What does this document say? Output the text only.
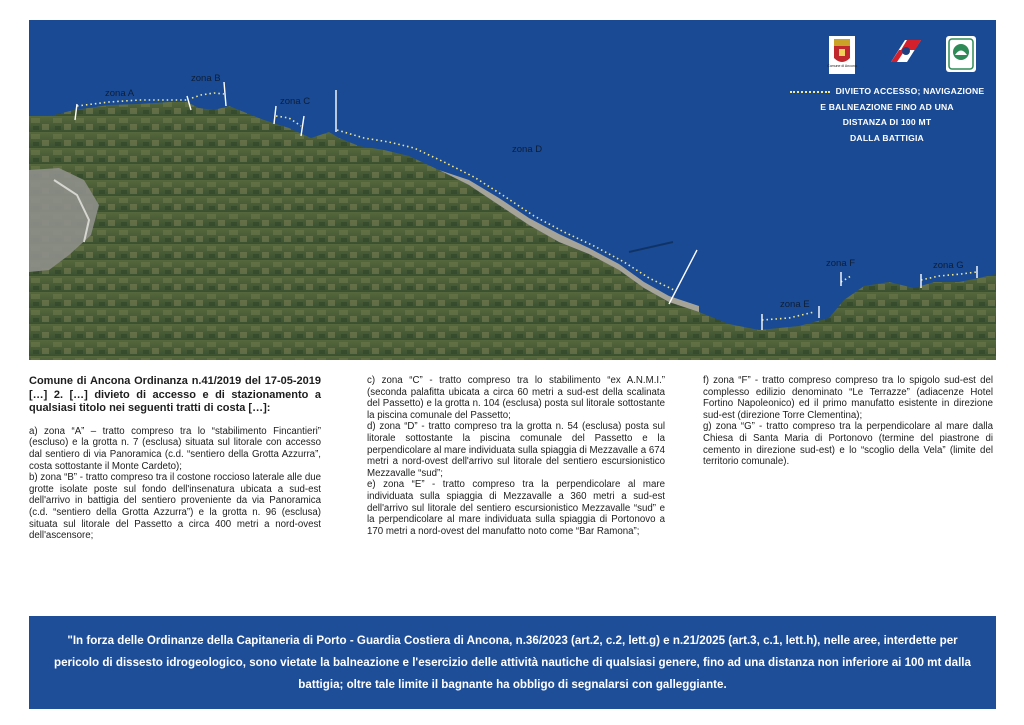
zona A
zona B
zona C
zona D
zona E
zona F	zona G
Comune di Ancona
DIVIETO ACCESSO; NAVIGAZIONE
E BALNEAZIONE FINO AD UNA
DISTANZA DI 100 MT
DALLA BATTIGIA

Comune di Ancona Ordinanza n.41/2019 del 17-05-2019 […] 2. […] divieto di accesso e di stazionamento a qualsiasi titolo nei seguenti tratti di costa […]:

a) zona “A” – tratto compreso tra lo “stabilimento Fincantieri” (escluso) e la grotta n. 7 (esclusa) situata sul litorale con accesso dal sentiero di via Panoramica (c.d. “sentiero della Grotta Azzurra”, costa sottostante il Monte Cardeto);

b) zona “B” - tratto compreso tra il costone roccioso laterale alle due grotte isolate poste sul fondo dell'insenatura ubicata a sud-est dell'arrivo in battigia del sentiero proveniente da via Panoramica (c.d. “sentiero della Grotta Azzurra”) e la grotta n. 96 (esclusa) situata sul litorale del Passetto a circa 400 metri a nord-ovest dell'ascensore;

c) zona “C” - tratto compreso tra lo stabilimento “ex A.N.M.I.” (seconda palafitta ubicata a circa 60 metri a sud-est della scalinata del Passetto) e la grotta n. 104 (esclusa) posta sul litorale sottostante la piscina comunale del Passetto;

d) zona “D” - tratto compreso tra la grotta n. 54 (esclusa) posta sul litorale sottostante la piscina comunale del Passetto e la perpendicolare al mare individuata sulla spiaggia di Mezzavalle a 674 metri a nord-ovest dell'arrivo sul litorale del sentiero escursionistico Mezzavalle “sud”;

e) zona “E” - tratto compreso tra la perpendicolare al mare individuata sulla spiaggia di Mezzavalle a 360 metri a sud-est dell'arrivo sul litorale del sentiero escursionistico Mezzavalle “sud” e la perpendicolare al mare individuata sulla spiaggia di Portonovo a 170 metri a nord-ovest del manufatto noto come “Bar Ramona”;

f) zona “F” - tratto compreso compreso tra lo spigolo sud-est del complesso edilizio denominato “Le Terrazze” (adiacenze Hotel Fortino Napoleonico) ed il primo manufatto esistente in direzione sud-est (direzione Torre Clementina);

g) zona “G” - tratto compreso tra la perpendicolare al mare dalla Chiesa di Santa Maria di Portonovo (termine del piastrone di cemento in direzione sud-est) e lo “scoglio della Vela” (limite del territorio comunale).

"In forza delle Ordinanze della Capitaneria di Porto - Guardia Costiera di Ancona, n.36/2023 (art.2, c.2, lett.g) e n.21/2025 (art.3, c.1, lett.h), nelle aree, interdette per pericolo di dissesto idrogeologico, sono vietate la balneazione e l'esercizio delle attività nautiche di qualsiasi genere, fino ad una distanza non inferiore ai 100 mt dalla battigia; oltre tale limite il bagnante ha obbligo di segnalarsi con galleggiante.
